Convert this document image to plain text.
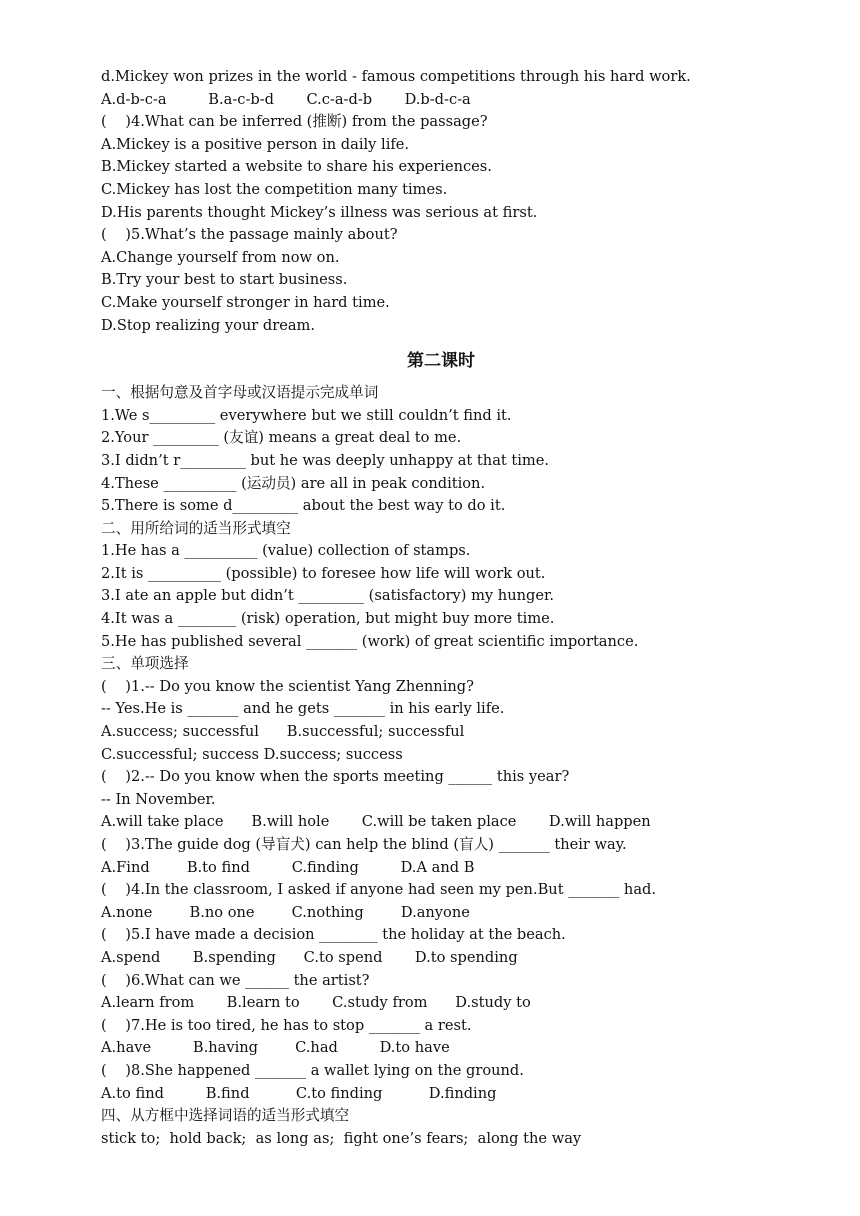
d.Mickey won prizes in the world - famous competitions through his hard work.
A.d-b-c-a         B.a-c-b-d       C.c-a-d-b       D.b-d-c-a
(    )4.What can be inferred (推断) from the passage?
A.Mickey is a positive person in daily life.
B.Mickey started a website to share his experiences.
C.Mickey has lost the competition many times.
D.His parents thought Mickey’s illness was serious at first.
(    )5.What’s the passage mainly about?
A.Change yourself from now on.
B.Try your best to start business.
C.Make yourself stronger in hard time.
D.Stop realizing your dream.
第二课时
一、根据句意及首字母或汉语提示完成单词
1.We s_________ everywhere but we still couldn’t find it.
2.Your _________ (友谊) means a great deal to me.
3.I didn’t r_________ but he was deeply unhappy at that time.
4.These __________ (运动员) are all in peak condition.
5.There is some d_________ about the best way to do it.
二、用所给词的适当形式填空
1.He has a __________ (value) collection of stamps.
2.It is __________ (possible) to foresee how life will work out.
3.I ate an apple but didn’t _________ (satisfactory) my hunger.
4.It was a ________ (risk) operation, but might buy more time.
5.He has published several _______ (work) of great scientific importance.
三、单项选择
(    )1.-- Do you know the scientist Yang Zhenning?
-- Yes.He is _______ and he gets _______ in his early life.
A.success; successful      B.successful; successful
C.successful; success D.success; success
(    )2.-- Do you know when the sports meeting ______ this year?
-- In November.
A.will take place      B.will hole       C.will be taken place       D.will happen
(    )3.The guide dog (导盲犬) can help the blind (盲人) _______ their way.
A.Find        B.to find         C.finding         D.A and B
(    )4.In the classroom, I asked if anyone had seen my pen.But _______ had.
A.none        B.no one        C.nothing        D.anyone
(    )5.I have made a decision ________ the holiday at the beach.
A.spend       B.spending      C.to spend       D.to spending
(    )6.What can we ______ the artist?
A.learn from       B.learn to       C.study from      D.study to
(    )7.He is too tired, he has to stop _______ a rest.
A.have         B.having        C.had         D.to have
(    )8.She happened _______ a wallet lying on the ground.
A.to find         B.find          C.to finding          D.finding
四、从方框中选择词语的适当形式填空
stick to;  hold back;  as long as;  fight one’s fears;  along the way
